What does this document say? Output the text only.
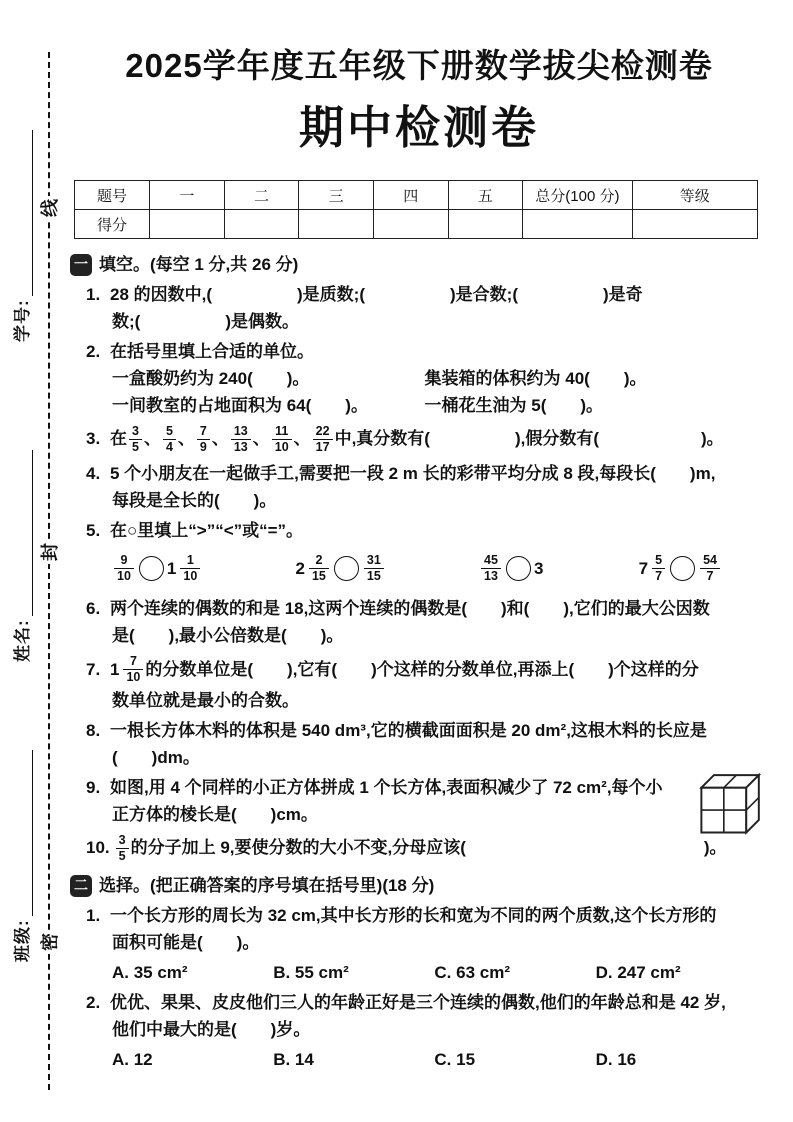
线
封
密
学号:
姓名:
班级:
2025学年度五年级下册数学拔尖检测卷
期中检测卷
题号	一	二	三	四	五	总分(100 分)	等级
得分							
一 填空。(每空 1 分,共 26 分)
1. 28 的因数中,(　　　　　)是质数;(　　　　　)是合数;(　　　　　)是奇
数;(　　　　　)是偶数。
2. 在括号里填上合适的单位。
一盒酸奶约为 240(　　)。	集装箱的体积约为 40(　　)。
一间教室的占地面积为 64(　　)。	一桶花生油为 5(　　)。
3. 在 $\frac{3}{5}$ 、 $\frac{5}{4}$ 、 $\frac{7}{9}$ 、 $\frac{13}{13}$ 、 $\frac{11}{10}$ 、 $\frac{22}{17}$ 中,真分数有(　　　　　),假分数有(　　　　　　)。
4. 5 个小朋友在一起做手工,需要把一段 2 m 长的彩带平均分成 8 段,每段长(　　)m,
每段是全长的(　　)。
5. 在○里填上“>”“<”或“=”。
$\frac{9}{10} 1 \frac{1}{10}$	$2 \frac{2}{15}$	$\frac{31}{15}$	$\frac{45}{13} 3$	$7 \frac{5}{7}$	$\frac{54}{7}$
6. 两个连续的偶数的和是 18,这两个连续的偶数是(　　)和(　　),它们的最大公因数
是(　　),最小公倍数是(　　)。
7. $1 \frac{7}{10}$ 的分数单位是(　　),它有(　　)个这样的分数单位,再添上(　　)个这样的分
数单位就是最小的合数。
8. 一根长方体木料的体积是 540 dm³,它的横截面面积是 20 dm²,这根木料的长应是
(　　)dm。
9. 如图,用 4 个同样的小正方体拼成 1 个长方体,表面积减少了 72 cm²,每个小
正方体的棱长是(　　)cm。
10. $\frac{3}{5}$ 的分子加上 9,要使分数的大小不变,分母应该(　　　　　　　　　　　　　　)。
二 选择。(把正确答案的序号填在括号里)(18 分)
1. 一个长方形的周长为 32 cm,其中长方形的长和宽为不同的两个质数,这个长方形的
面积可能是(　　)。
A. 35 cm²	B. 55 cm²	C. 63 cm²	D. 247 cm²
2. 优优、果果、皮皮他们三人的年龄正好是三个连续的偶数,他们的年龄总和是 42 岁,
他们中最大的是(　　)岁。
A. 12	B. 14	C. 15	D. 16
